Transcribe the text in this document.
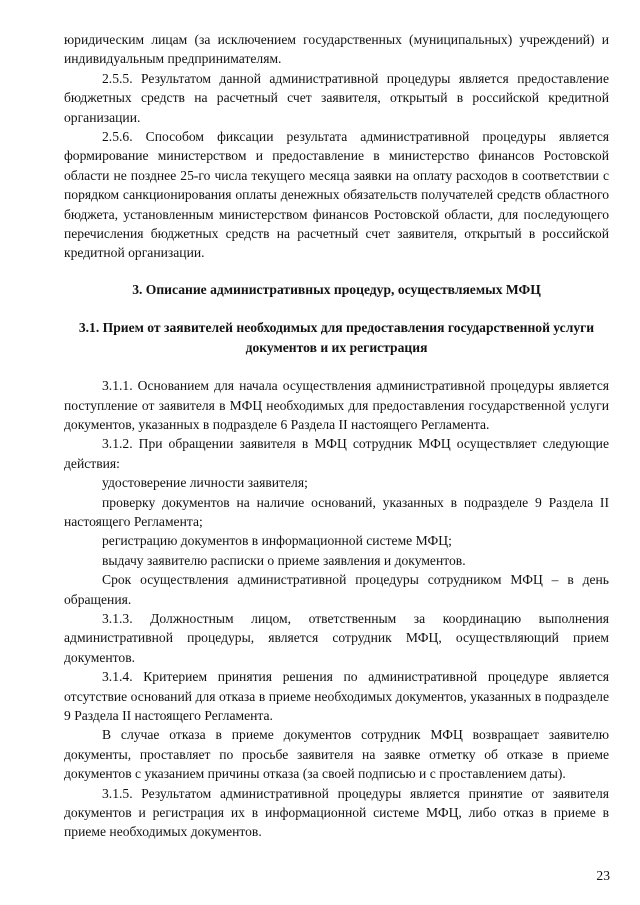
юридическим лицам (за исключением государственных (муниципальных) учреждений) и индивидуальным предпринимателям.

2.5.5. Результатом данной административной процедуры является предоставление бюджетных средств на расчетный счет заявителя, открытый в российской кредитной организации.

2.5.6. Способом фиксации результата административной процедуры является формирование министерством и предоставление в министерство финансов Ростовской области не позднее 25-го числа текущего месяца заявки на оплату расходов в соответствии с порядком санкционирования оплаты денежных обязательств получателей средств областного бюджета, установленным министерством финансов Ростовской области, для последующего перечисления бюджетных средств на расчетный счет заявителя, открытый в российской кредитной организации.

3. Описание административных процедур, осуществляемых МФЦ

3.1. Прием от заявителей необходимых для предоставления государственной услуги документов и их регистрация

3.1.1. Основанием для начала осуществления административной процедуры является поступление от заявителя в МФЦ необходимых для предоставления государственной услуги документов, указанных в подразделе 6 Раздела II настоящего Регламента.

3.1.2. При обращении заявителя в МФЦ сотрудник МФЦ осуществляет следующие действия:

удостоверение личности заявителя;

проверку документов на наличие оснований, указанных в подразделе 9 Раздела II настоящего Регламента;

регистрацию документов в информационной системе МФЦ;

выдачу заявителю расписки о приеме заявления и документов.

Срок осуществления административной процедуры сотрудником МФЦ – в день обращения.

3.1.3. Должностным лицом, ответственным за координацию выполнения административной процедуры, является сотрудник МФЦ, осуществляющий прием документов.

3.1.4. Критерием принятия решения по административной процедуре является отсутствие оснований для отказа в приеме необходимых документов, указанных в подразделе 9 Раздела II настоящего Регламента.

В случае отказа в приеме документов сотрудник МФЦ возвращает заявителю документы, проставляет по просьбе заявителя на заявке отметку об отказе в приеме документов с указанием причины отказа (за своей подписью и с проставлением даты).

3.1.5. Результатом административной процедуры является принятие от заявителя документов и регистрация их в информационной системе МФЦ, либо отказ в приеме в приеме необходимых документов.

23
